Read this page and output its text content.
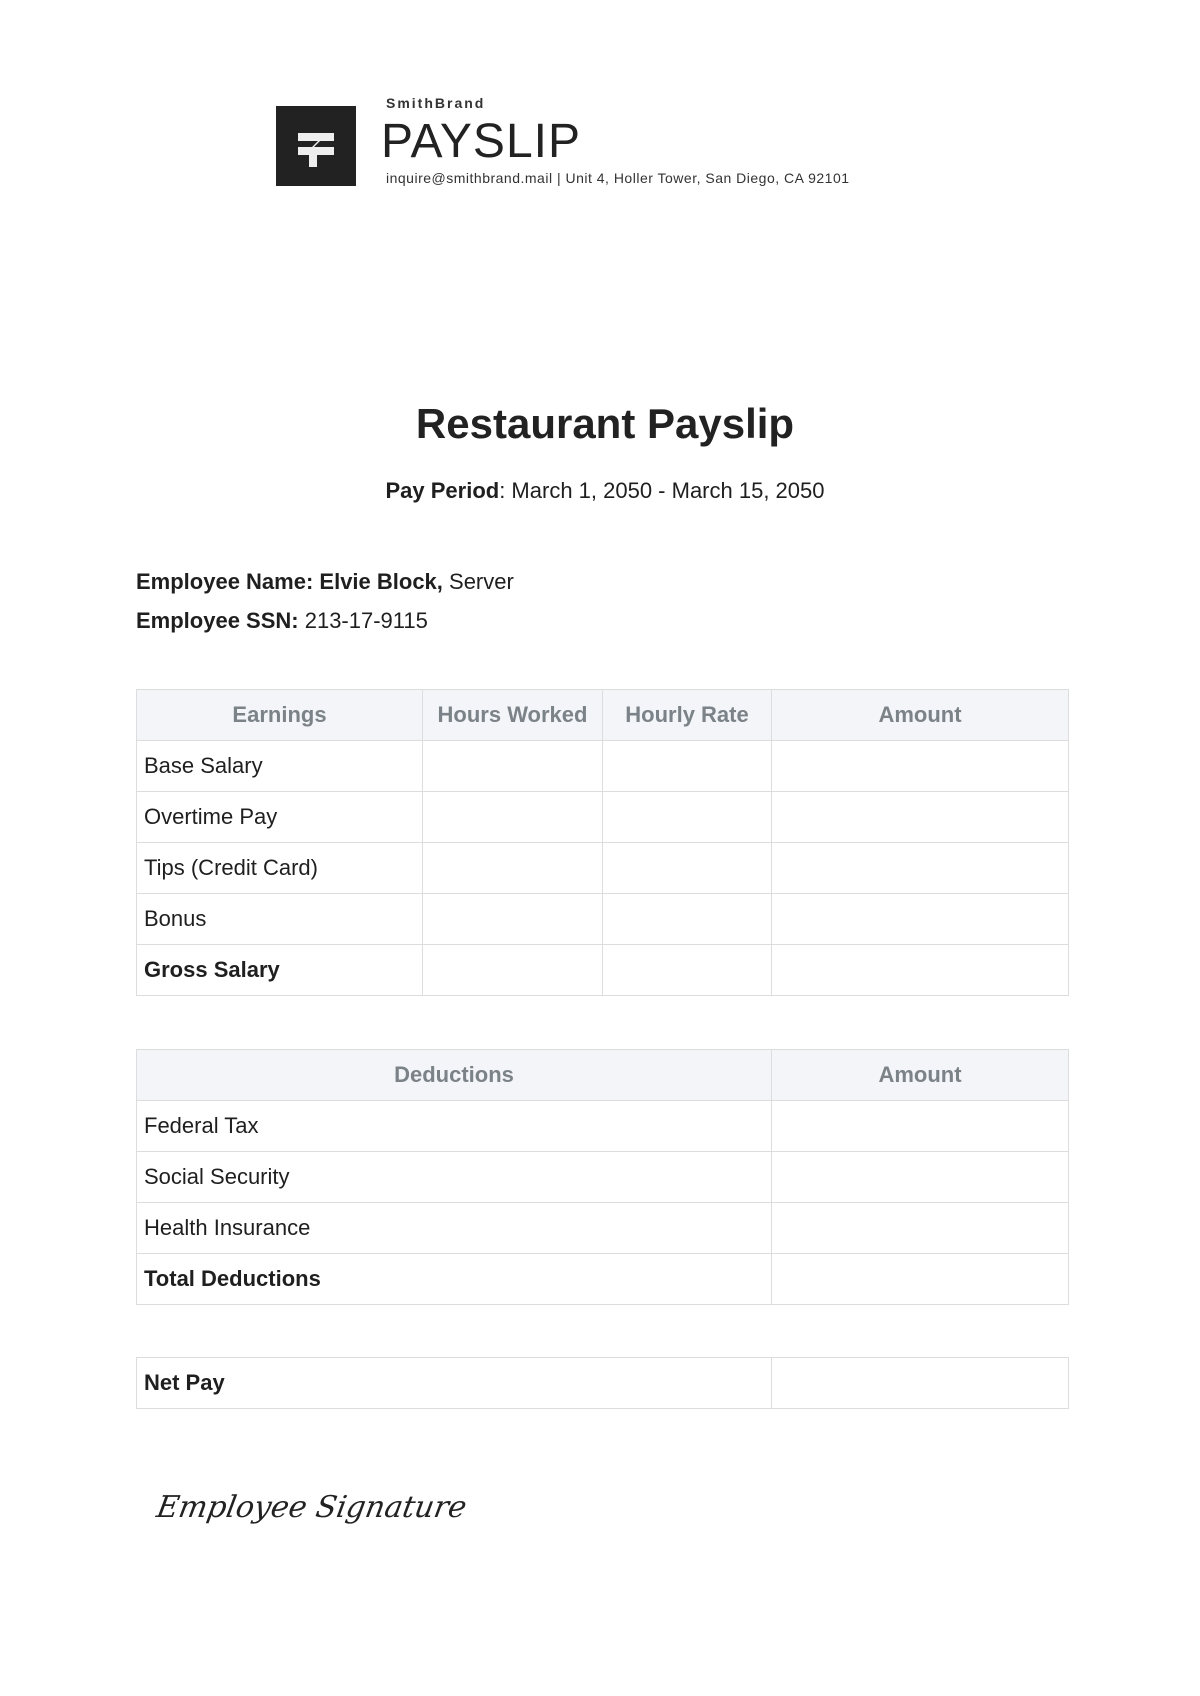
SmithBrand
PAYSLIP
inquire@smithbrand.mail | Unit 4, Holler Tower, San Diego, CA 92101
Restaurant Payslip
Pay Period: March 1, 2050 - March 15, 2050
Employee Name: Elvie Block, Server
Employee SSN: 213-17-9115
Earnings	Hours Worked	Hourly Rate	Amount
Base Salary			
Overtime Pay			
Tips (Credit Card)			
Bonus			
Gross Salary			
Deductions	Amount
Federal Tax	
Social Security	
Health Insurance	
Total Deductions	
Net Pay	
Employee Signature
